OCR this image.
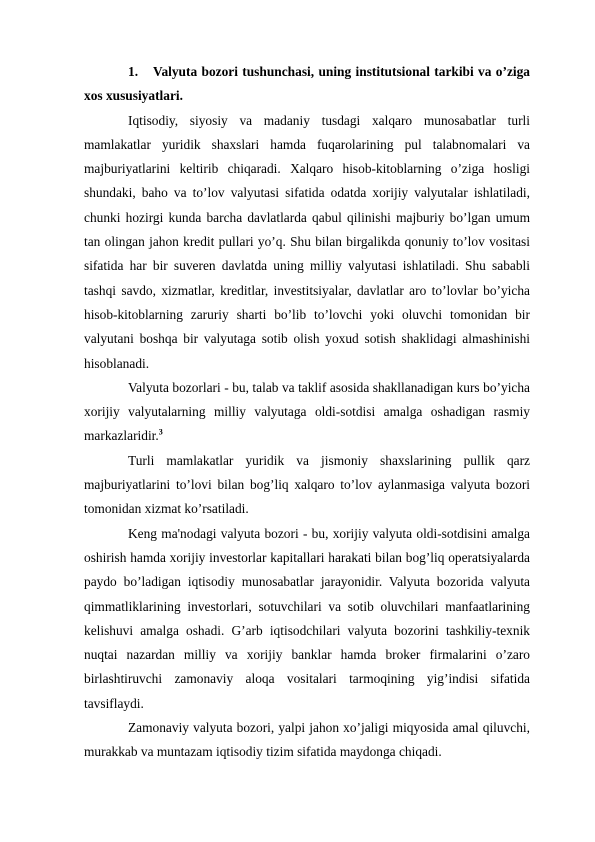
1. Valyuta bozori tushunchasi, uning institutsional tarkibi va o’ziga xos xususiyatlari.

Iqtisodiy, siyosiy va madaniy tusdagi xalqaro munosabatlar turli mamlakatlar yuridik shaxslari hamda fuqarolarining pul talabnomalari va majburiyatlarini keltirib chiqaradi. Xalqaro hisob-kitoblarning o’ziga hosligi shundaki, baho va to’lov valyutasi sifatida odatda xorijiy valyutalar ishlatiladi, chunki hozirgi kunda barcha davlatlarda qabul qilinishi majburiy bo’lgan umum tan olingan jahon kredit pullari yo’q. Shu bilan birgalikda qonuniy to’lov vositasi sifatida har bir suveren davlatda uning milliy valyutasi ishlatiladi. Shu sababli tashqi savdo, xizmatlar, kreditlar, investitsiyalar, davlatlar aro to’lovlar bo’yicha hisob-kitoblarning zaruriy sharti bo’lib to’lovchi yoki oluvchi tomonidan bir valyutani boshqa bir valyutaga sotib olish yoxud sotish shaklidagi almashinishi hisoblanadi.

Valyuta bozorlari - bu, talab va taklif asosida shakllanadigan kurs bo’yicha xorijiy valyutalarning milliy valyutaga oldi-sotdisi amalga oshadigan rasmiy markazlaridir.$^3$

Turli mamlakatlar yuridik va jismoniy shaxslarining pullik qarz majburiyatlarini to’lovi bilan bog’liq xalqaro to’lov aylanmasiga valyuta bozori tomonidan xizmat ko’rsatiladi.

Keng ma'nodagi valyuta bozori - bu, xorijiy valyuta oldi-sotdisini amalga oshirish hamda xorijiy investorlar kapitallari harakati bilan bog’liq operatsiyalarda paydo bo’ladigan iqtisodiy munosabatlar jarayonidir. Valyuta bozorida valyuta qimmatliklarining investorlari, sotuvchilari va sotib oluvchilari manfaatlarining kelishuvi amalga oshadi. G’arb iqtisodchilari valyuta bozorini tashkiliy-texnik nuqtai nazardan milliy va xorijiy banklar hamda broker firmalarini o’zaro birlashtiruvchi zamonaviy aloqa vositalari tarmoqining yig’indisi sifatida tavsiflaydi.

Zamonaviy valyuta bozori, yalpi jahon xo’jaligi miqyosida amal qiluvchi, murakkab va muntazam iqtisodiy tizim sifatida maydonga chiqadi.
